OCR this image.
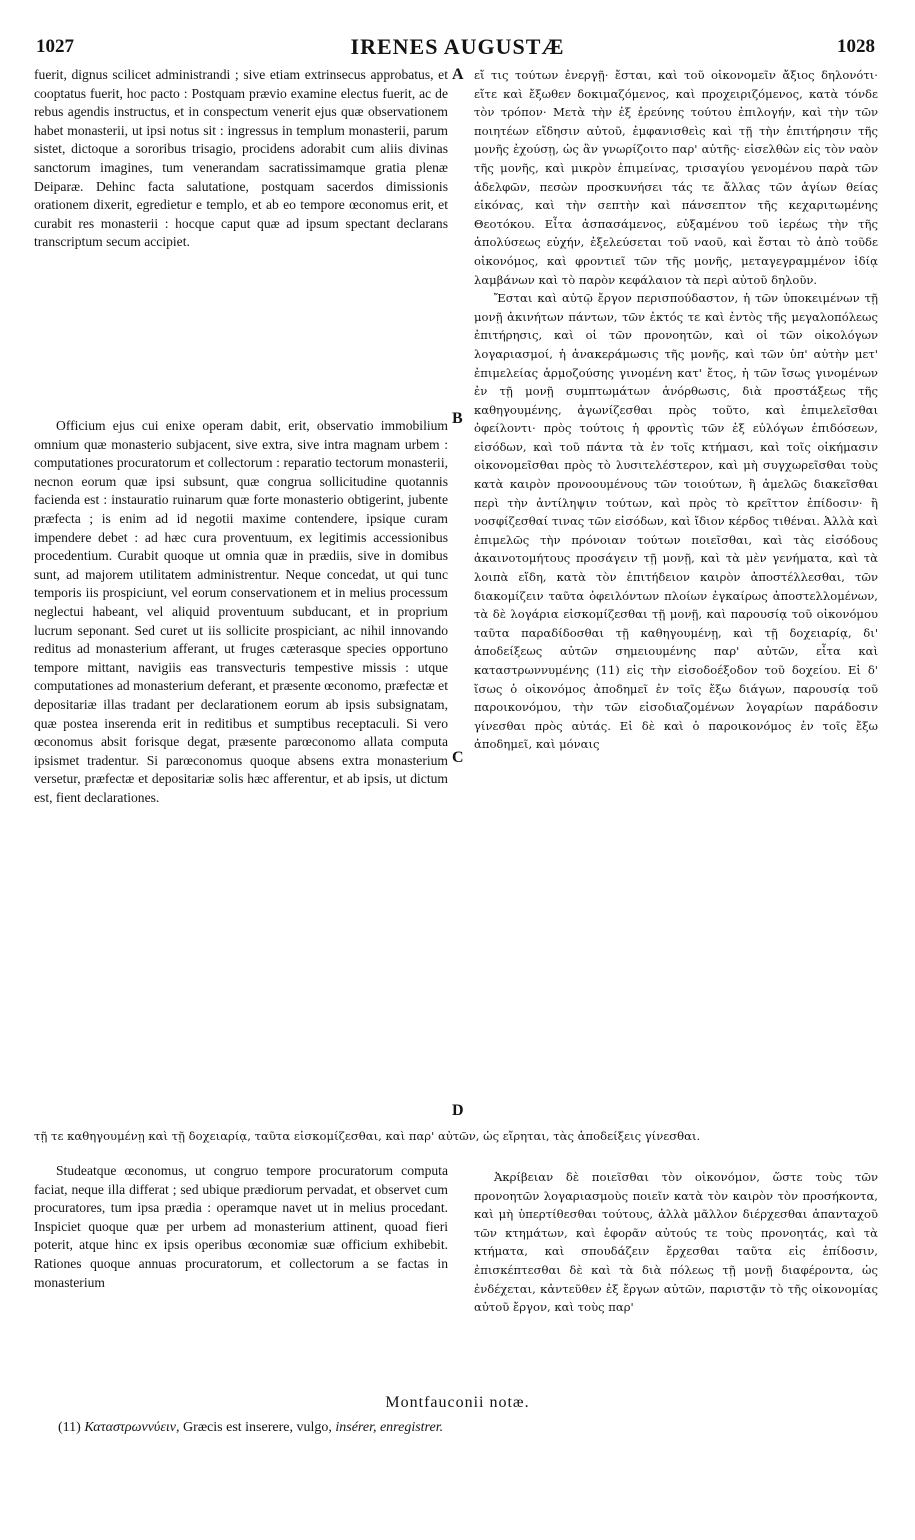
1027	IRENES AUGUSTÆ	1028

fuerit, dignus scilicet administrandi ; sive etiam extrinsecus approbatus, et cooptatus fuerit, hoc pacto : Postquam prævio examine electus fuerit, ac de rebus agendis instructus, et in conspectum venerit ejus quæ observationem habet monasterii, ut ipsi notus sit : ingressus in templum monasterii, parum sistet, dictoque a sororibus trisagio, procidens adorabit cum aliis divinas sanctorum imagines, tum venerandam sacratissimamque gratia plenæ Deiparæ. Dehinc facta salutatione, postquam sacerdos dimissionis orationem dixerit, egredietur e templo, et ab eo tempore œconomus erit, et curabit res monasterii : hocque caput quæ ad ipsum spectant declarans transcriptum secum accipiet.

Officium ejus cui enixe operam dabit, erit, observatio immobilium omnium quæ monasterio subjacent, sive extra, sive intra magnam urbem : computationes procuratorum et collectorum : reparatio tectorum monasterii, necnon eorum quæ ipsi subsunt, quæ congrua sollicitudine quotannis facienda est : instauratio ruinarum quæ forte monasterio obtigerint, jubente præfecta ; is enim ad id negotii maxime contendere, ipsique curam impendere debet : ad hæc cura proventuum, ex legitimis accessionibus procedentium. Curabit quoque ut omnia quæ in prædiis, sive in domibus sunt, ad majorem utilitatem administrentur. Neque concedat, ut qui tunc temporis iis prospiciunt, vel eorum conservationem et in melius processum neglectui habeant, vel aliquid proventuum subducant, et in proprium lucrum seponant. Sed curet ut iis sollicite prospiciant, ac nihil innovando reditus ad monasterium afferant, ut fruges cæterasque species opportuno tempore mittant, navigiis eas transvecturis tempestive missis : utque computationes ad monasterium deferant, et præsente œconomo, præfectæ et depositariæ illas tradant per declarationem eorum ab ipsis subsignatam, quæ postea inserenda erit in reditibus et sumptibus receptaculi. Si vero œconomus absit forisque degat, præsente parœconomo allata computa ipsismet tradentur. Si parœconomus quoque absens extra monasterium versetur, præfectæ et depositariæ solis hæc afferentur, et ab ipsis, ut dictum est, fient declarationes.

εἴ τις τούτων ἐνεργῇ· ἔσται, καὶ τοῦ οἰκονομεῖν ἄξιος δηλονότι· εἴτε καὶ ἔξωθεν δοκιμαζόμενος, καὶ προχειριζόμενος, κατὰ τόνδε τὸν τρόπον· Μετὰ τὴν ἐξ ἐρεύνης τούτου ἐπιλογήν, καὶ τὴν τῶν ποιητέων εἴδησιν αὐτοῦ, ἐμφανισθεὶς καὶ τῇ τὴν ἐπιτήρησιν τῆς μονῆς ἐχούσῃ, ὡς ἂν γνωρίζοιτο παρ' αὐτῆς· εἰσελθὼν εἰς τὸν ναὸν τῆς μονῆς, καὶ μικρὸν ἐπιμείνας, τρισαγίου γενομένου παρὰ τῶν ἀδελφῶν, πεσὼν προσκυνήσει τάς τε ἄλλας τῶν ἁγίων θείας εἰκόνας, καὶ τὴν σεπτὴν καὶ πάνσεπτον τῆς κεχαριτωμένης Θεοτόκου. Εἶτα ἀσπασάμενος, εὐξαμένου τοῦ ἱερέως τὴν τῆς ἀπολύσεως εὐχήν, ἐξελεύσεται τοῦ ναοῦ, καὶ ἔσται τὸ ἀπὸ τοῦδε οἰκονόμος, καὶ φροντιεῖ τῶν τῆς μονῆς, μεταγεγραμμένον ἰδίᾳ λαμβάνων καὶ τὸ παρὸν κεφάλαιον τὰ περὶ αὐτοῦ δηλοῦν.

Ἔσται καὶ αὐτῷ ἔργον περισπούδαστον, ἡ τῶν ὑποκειμένων τῇ μονῇ ἀκινήτων πάντων, τῶν ἐκτός τε καὶ ἐντὸς τῆς μεγαλοπόλεως ἐπιτήρησις, καὶ οἱ τῶν προνοητῶν, καὶ οἱ τῶν οἰκολόγων λογαριασμοί, ἡ ἀνακεράμωσις τῆς μονῆς, καὶ τῶν ὑπ' αὐτὴν μετ' ἐπιμελείας ἁρμοζούσης γινομένη κατ' ἔτος, ἡ τῶν ἴσως γινομένων ἐν τῇ μονῇ συμπτωμάτων ἀνόρθωσις, διὰ προστάξεως τῆς καθηγουμένης, ἀγωνίζεσθαι πρὸς τοῦτο, καὶ ἐπιμελεῖσθαι ὀφείλοντι· πρὸς τούτοις ἡ φροντὶς τῶν ἐξ εὐλόγων ἐπιδόσεων, εἰσόδων, καὶ τοῦ πάντα τὰ ἐν τοῖς κτήμασι, καὶ τοῖς οἰκήμασιν οἰκονομεῖσθαι πρὸς τὸ λυσιτελέστερον, καὶ μὴ συγχωρεῖσθαι τοὺς κατὰ καιρὸν προνοουμένους τῶν τοιούτων, ἢ ἀμελῶς διακεῖσθαι περὶ τὴν ἀντίληψιν τούτων, καὶ πρὸς τὸ κρεῖττον ἐπίδοσιν· ἢ νοσφίζεσθαί τινας τῶν εἰσόδων, καὶ ἴδιον κέρδος τιθέναι. Ἀλλὰ καὶ ἐπιμελῶς τὴν πρόνοιαν τούτων ποιεῖσθαι, καὶ τὰς εἰσόδους ἀκαινοτομήτους προσάγειν τῇ μονῇ, καὶ τὰ μὲν γενήματα, καὶ τὰ λοιπὰ εἴδη, κατὰ τὸν ἐπιτήδειον καιρὸν ἀποστέλλεσθαι, τῶν διακομίζειν ταῦτα ὀφειλόντων πλοίων ἐγκαίρως ἀποστελλομένων, τὰ δὲ λογάρια εἰσκομίζεσθαι τῇ μονῇ, καὶ παρουσίᾳ τοῦ οἰκονόμου ταῦτα παραδίδοσθαι τῇ καθηγουμένῃ, καὶ τῇ δοχειαρίᾳ, δι' ἀποδείξεως αὐτῶν σημειουμένης παρ' αὐτῶν, εἶτα καὶ καταστρωννυμένης (11) εἰς τὴν εἰσοδοέξοδον τοῦ δοχείου. Εἰ δ' ἴσως ὁ οἰκονόμος ἀποδημεῖ ἐν τοῖς ἔξω διάγων, παρουσίᾳ τοῦ παροικονόμου, τὴν τῶν εἰσοδιαζομένων λογαρίων παράδοσιν γίνεσθαι πρὸς αὐτάς. Εἰ δὲ καὶ ὁ παροικονόμος ἐν τοῖς ἔξω ἀποδημεῖ, καὶ μόναις

A
B
C
D
τῇ τε καθηγουμένῃ καὶ τῇ δοχειαρίᾳ, ταῦτα εἰσκομίζεσθαι, καὶ παρ' αὐτῶν, ὡς εἴρηται, τὰς ἀποδείξεις γίνεσθαι.

Studeatque œconomus, ut congruo tempore procuratorum computa faciat, neque illa differat ; sed ubique prædiorum pervadat, et observet cum procuratores, tum ipsa prædia : operamque navet ut in melius procedant. Inspiciet quoque quæ per urbem ad monasterium attinent, quoad fieri poterit, atque hinc ex ipsis operibus œconomiæ suæ officium exhibebit. Rationes quoque annuas procuratorum, et collectorum a se factas in monasterium

Ἀκρίβειαν δὲ ποιεῖσθαι τὸν οἰκονόμον, ὥστε τοὺς τῶν προνοητῶν λογαριασμοὺς ποιεῖν κατὰ τὸν καιρὸν τὸν προσήκοντα, καὶ μὴ ὑπερτίθεσθαι τούτους, ἀλλὰ μᾶλλον διέρχεσθαι ἁπανταχοῦ τῶν κτημάτων, καὶ ἐφορᾶν αὐτούς τε τοὺς προνοητάς, καὶ τὰ κτήματα, καὶ σπουδάζειν ἔρχεσθαι ταῦτα εἰς ἐπίδοσιν, ἐπισκέπτεσθαι δὲ καὶ τὰ διὰ πόλεως τῇ μονῇ διαφέροντα, ὡς ἐνδέχεται, κἀντεῦθεν ἐξ ἔργων αὐτῶν, παριστᾷν τὸ τῆς οἰκονομίας αὐτοῦ ἔργον, καὶ τοὺς παρ'

Montfauconii notæ.
(11) Καταστρωννύειν, Græcis est inserere, vulgo, insérer, enregistrer.
